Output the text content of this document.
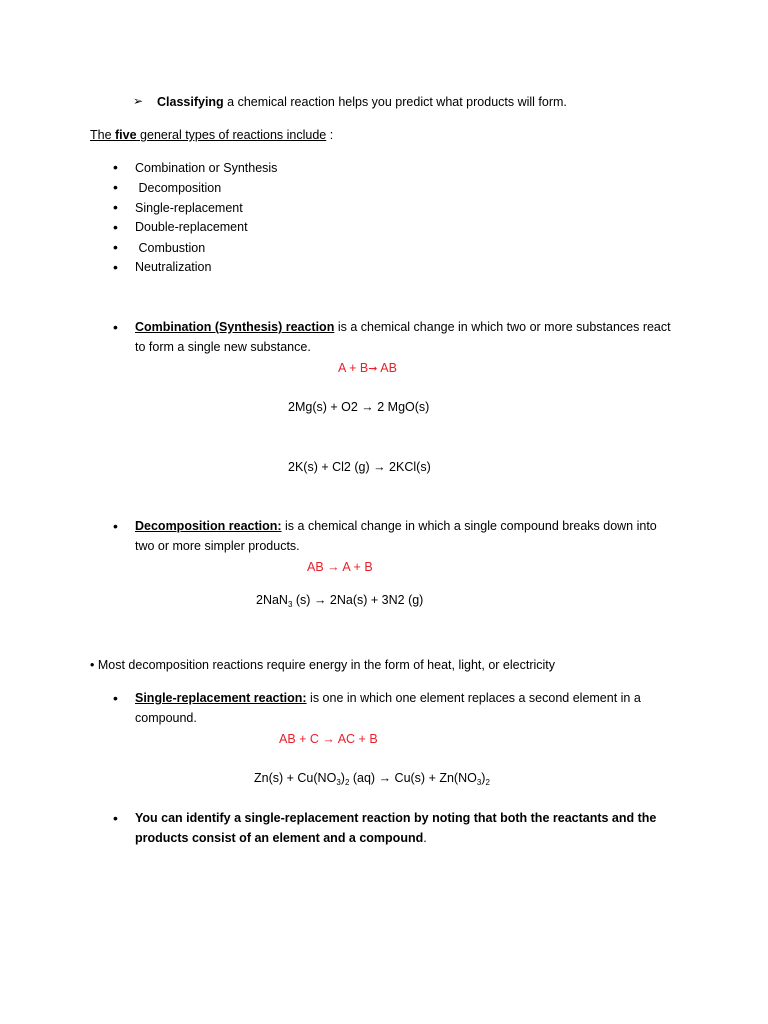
➢ Classifying a chemical reaction helps you predict what products will form.
The five general types of reactions include :
• Combination or Synthesis
• Decomposition
• Single-replacement
• Double-replacement
• Combustion
• Neutralization
• Combination (Synthesis) reaction is a chemical change in which two or more substances react
to form a single new substance.
A + B➞ AB
2Mg(s) + O2 → 2 MgO(s)
2K(s) + Cl2 (g) → 2KCl(s)
• Decomposition reaction: is a chemical change in which a single compound breaks down into
two or more simpler products.
AB → A + B
2NaN$_3$ (s) → 2Na(s) + 3N2 (g)
• Most decomposition reactions require energy in the form of heat, light, or electricity
• Single-replacement reaction: is one in which one element replaces a second element in a
compound.
AB + C → AC + B
$Zn(s) + Cu(NO_3)_2$ $(aq) \to Cu(s) + Zn(NO_3)_2$
• You can identify a single-replacement reaction by noting that both the reactants and the
products consist of an element and a compound.
